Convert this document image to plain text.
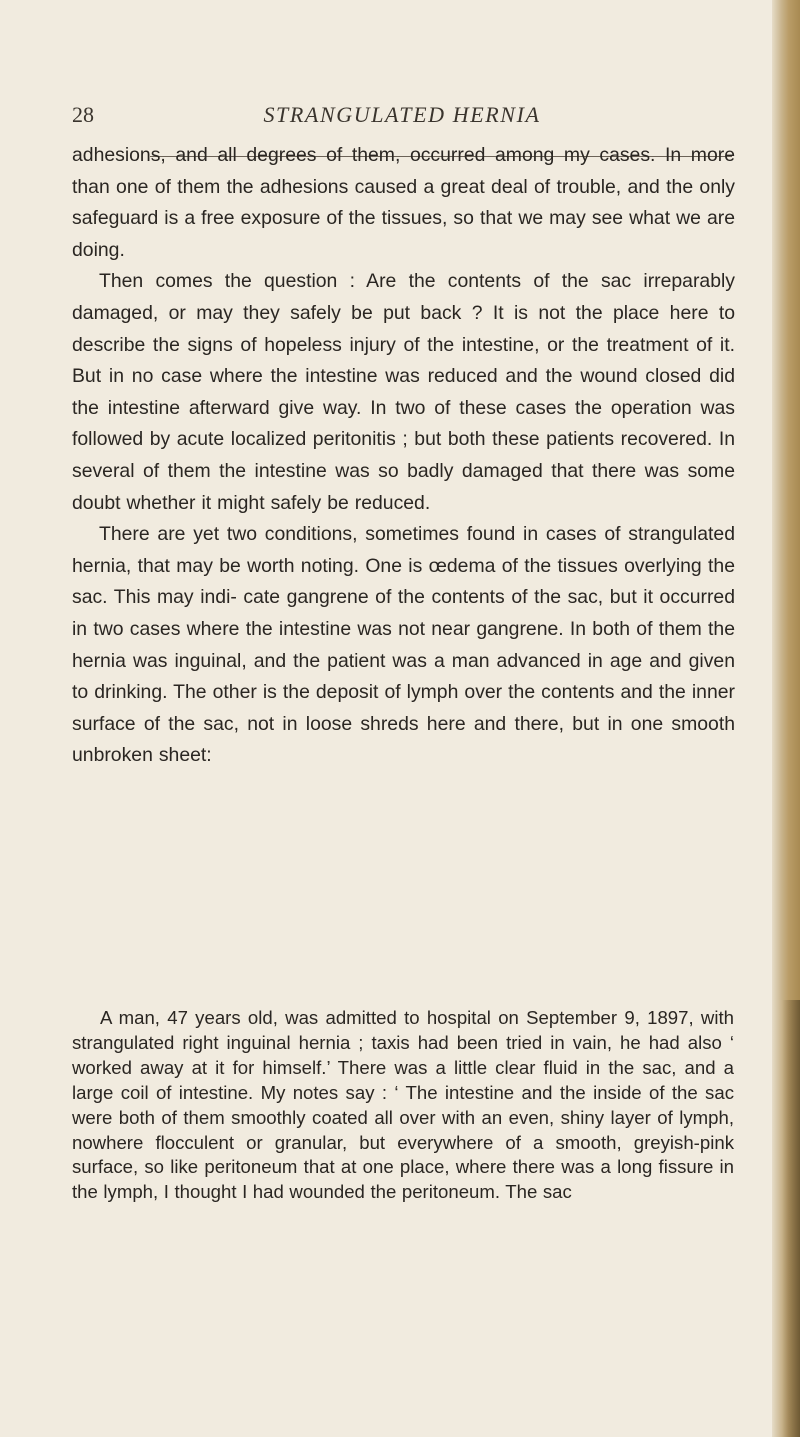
28	STRANGULATED HERNIA

adhesions, and all degrees of them, occurred among my cases. In more than one of them the adhesions caused a great deal of trouble, and the only safeguard is a free exposure of the tissues, so that we may see what we are doing.

Then comes the question : Are the contents of the sac irreparably damaged, or may they safely be put back ? It is not the place here to describe the signs of hopeless injury of the intestine, or the treatment of it. But in no case where the intestine was reduced and the wound closed did the intestine afterward give way. In two of these cases the operation was followed by acute localized peritonitis ; but both these patients recovered. In several of them the intestine was so badly damaged that there was some doubt whether it might safely be reduced.

There are yet two conditions, sometimes found in cases of strangulated hernia, that may be worth noting. One is œdema of the tissues overlying the sac. This may indi- cate gangrene of the contents of the sac, but it occurred in two cases where the intestine was not near gangrene. In both of them the hernia was inguinal, and the patient was a man advanced in age and given to drinking. The other is the deposit of lymph over the contents and the inner surface of the sac, not in loose shreds here and there, but in one smooth unbroken sheet:

A man, 47 years old, was admitted to hospital on September 9, 1897, with strangulated right inguinal hernia ; taxis had been tried in vain, he had also ‘ worked away at it for himself.’ There was a little clear fluid in the sac, and a large coil of intestine. My notes say : ‘ The intestine and the inside of the sac were both of them smoothly coated all over with an even, shiny layer of lymph, nowhere flocculent or granular, but everywhere of a smooth, greyish-pink surface, so like peritoneum that at one place, where there was a long fissure in the lymph, I thought I had wounded the peritoneum. The sac
